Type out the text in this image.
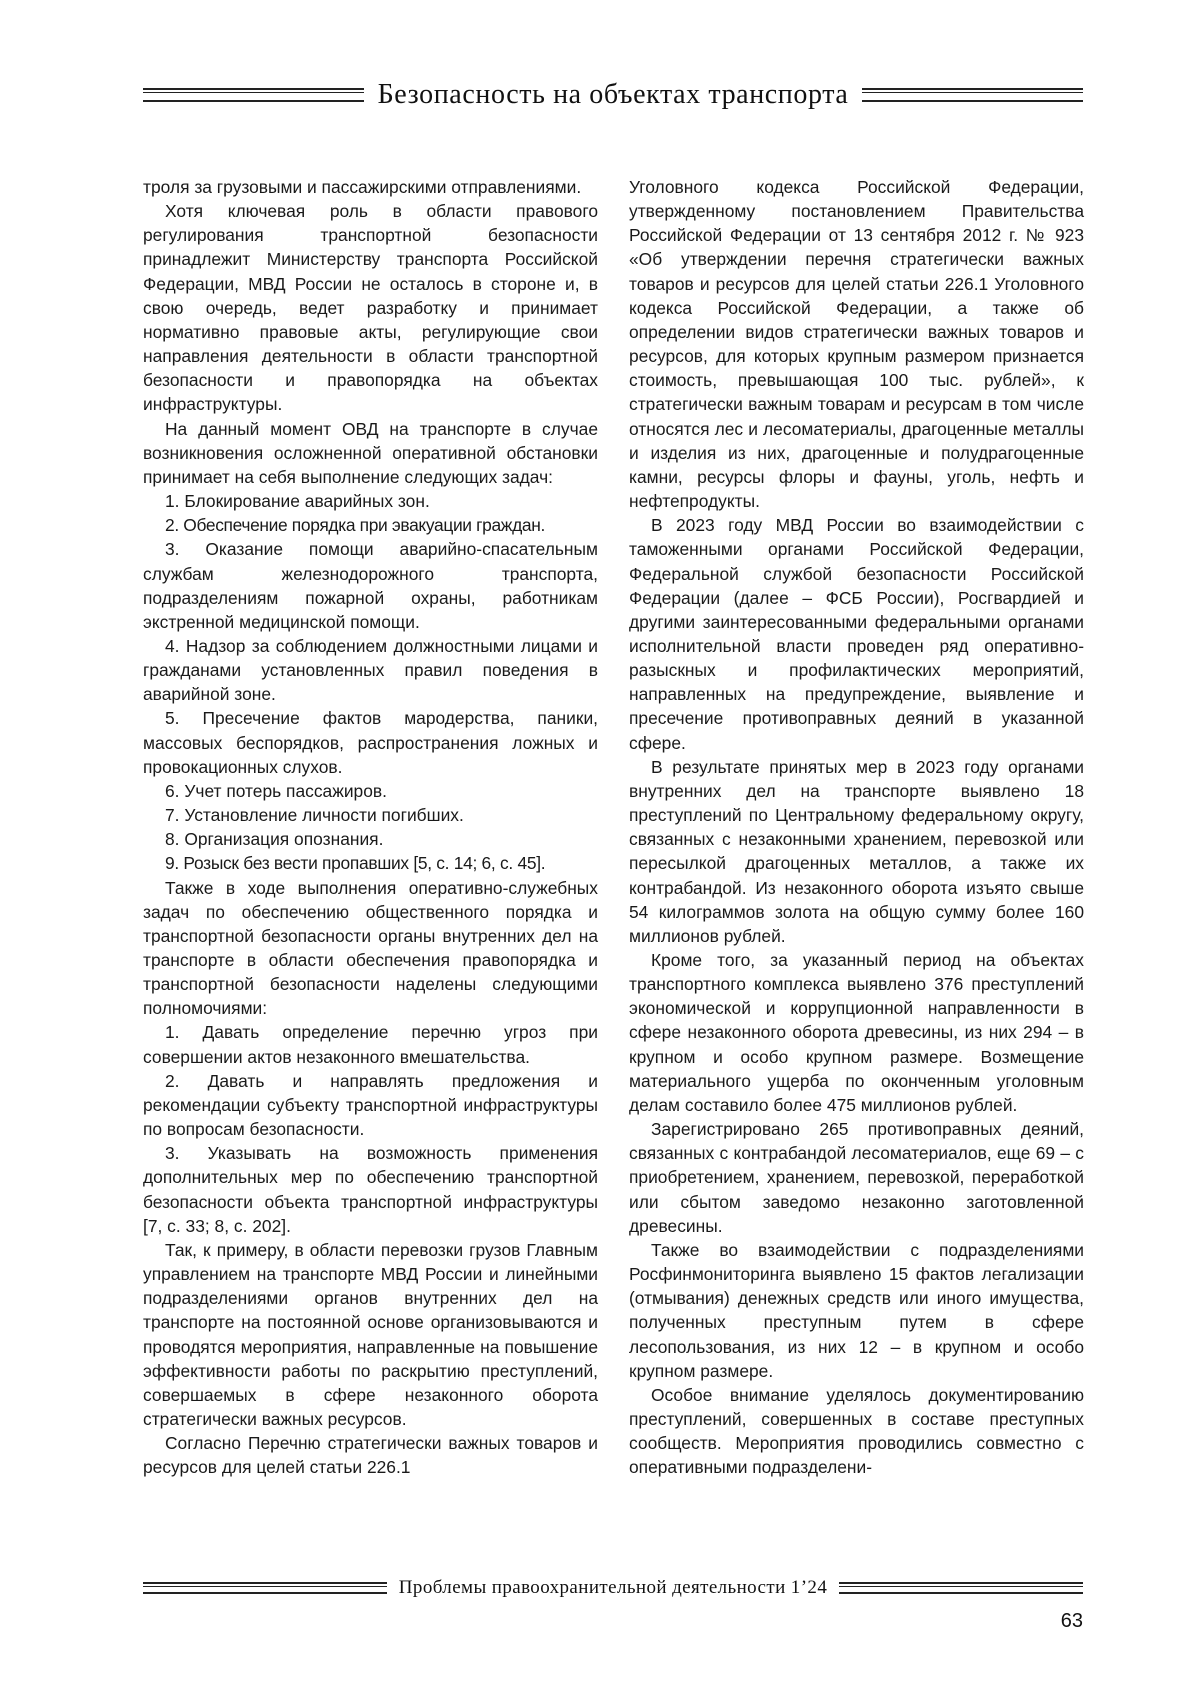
Безопасность на объектах транспорта

троля за грузовыми и пассажирскими отправлениями.

Хотя ключевая роль в области правового регулирования транспортной безопасности принадлежит Министерству транспорта Российской Федерации, МВД России не осталось в стороне и, в свою очередь, ведет разработку и принимает нормативно правовые акты, регулирующие свои направления деятельности в области транспортной безопасности и правопорядка на объектах инфраструктуры.

На данный момент ОВД на транспорте в случае возникновения осложненной оперативной обстановки принимает на себя выполнение следующих задач:

1. Блокирование аварийных зон.

2. Обеспечение порядка при эвакуации граждан.

3. Оказание помощи аварийно-спасательным службам железнодорожного транспорта, подразделениям пожарной охраны, работникам экстренной медицинской помощи.

4. Надзор за соблюдением должностными лицами и гражданами установленных правил поведения в аварийной зоне.

5. Пресечение фактов мародерства, паники, массовых беспорядков, распространения ложных и провокационных слухов.

6. Учет потерь пассажиров.

7. Установление личности погибших.

8. Организация опознания.

9. Розыск без вести пропавших [5, с. 14; 6, с. 45].

Также в ходе выполнения оперативно-служебных задач по обеспечению общественного порядка и транспортной безопасности органы внутренних дел на транспорте в области обеспечения правопорядка и транспортной безопасности наделены следующими полномочиями:

1. Давать определение перечню угроз при совершении актов незаконного вмешательства.

2. Давать и направлять предложения и рекомендации субъекту транспортной инфраструктуры по вопросам безопасности.

3. Указывать на возможность применения дополнительных мер по обеспечению транспортной безопасности объекта транспортной инфраструктуры [7, с. 33; 8, с. 202].

Так, к примеру, в области перевозки грузов Главным управлением на транспорте МВД России и линейными подразделениями органов внутренних дел на транспорте на постоянной основе организовываются и проводятся мероприятия, направленные на повышение эффективности работы по раскрытию преступлений, совершаемых в сфере незаконного оборота стратегически важных ресурсов.

Согласно Перечню стратегически важных товаров и ресурсов для целей статьи 226.1

Уголовного кодекса Российской Федерации, утвержденному постановлением Правительства Российской Федерации от 13 сентября 2012 г. № 923 «Об утверждении перечня стратегически важных товаров и ресурсов для целей статьи 226.1 Уголовного кодекса Российской Федерации, а также об определении видов стратегически важных товаров и ресурсов, для которых крупным размером признается стоимость, превышающая 100 тыс. рублей», к стратегически важным товарам и ресурсам в том числе относятся лес и лесоматериалы, драгоценные металлы и изделия из них, драгоценные и полудрагоценные камни, ресурсы флоры и фауны, уголь, нефть и нефтепродукты.

В 2023 году МВД России во взаимодействии с таможенными органами Российской Федерации, Федеральной службой безопасности Российской Федерации (далее – ФСБ России), Росгвардией и другими заинтересованными федеральными органами исполнительной власти проведен ряд оперативно-разыскных и профилактических мероприятий, направленных на предупреждение, выявление и пресечение противоправных деяний в указанной сфере.

В результате принятых мер в 2023 году органами внутренних дел на транспорте выявлено 18 преступлений по Центральному федеральному округу, связанных с незаконными хранением, перевозкой или пересылкой драгоценных металлов, а также их контрабандой. Из незаконного оборота изъято свыше 54 килограммов золота на общую сумму более 160 миллионов рублей.

Кроме того, за указанный период на объектах транспортного комплекса выявлено 376 преступлений экономической и коррупционной направленности в сфере незаконного оборота древесины, из них 294 – в крупном и особо крупном размере. Возмещение материального ущерба по оконченным уголовным делам составило более 475 миллионов рублей.

Зарегистрировано 265 противоправных деяний, связанных с контрабандой лесоматериалов, еще 69 – с приобретением, хранением, перевозкой, переработкой или сбытом заведомо незаконно заготовленной древесины.

Также во взаимодействии с подразделениями Росфинмониторинга выявлено 15 фактов легализации (отмывания) денежных средств или иного имущества, полученных преступным путем в сфере лесопользования, из них 12 – в крупном и особо крупном размере.

Особое внимание уделялось документированию преступлений, совершенных в составе преступных сообществ. Мероприятия проводились совместно с оперативными подразделени-

Проблемы правоохранительной деятельности 1’24
63
